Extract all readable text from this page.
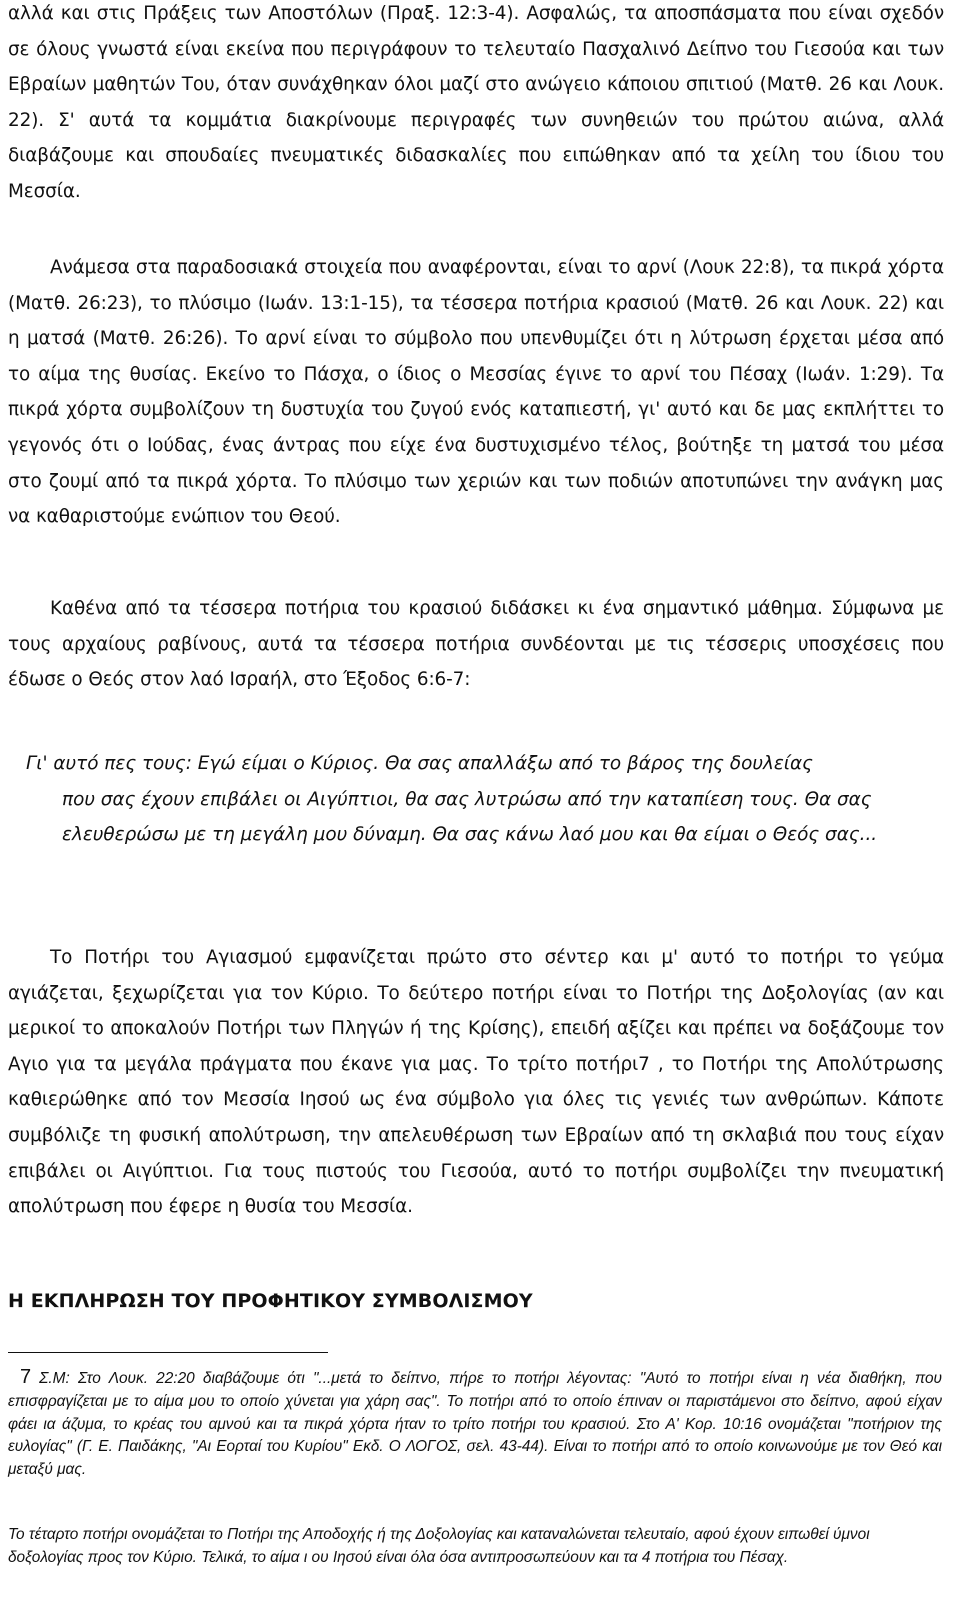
αλλά και στις Πράξεις των Αποστόλων (Πραξ. 12:3-4). Ασφαλώς, τα αποσπάσματα που είναι σχεδόν σε όλους γνωστά είναι εκείνα που περιγράφουν το τελευταίο Πασχαλινό Δείπνο του Γιεσούα και των Εβραίων μαθητών Του, όταν συνάχθηκαν όλοι μαζί στο ανώγειο κάποιου σπιτιού (Ματθ. 26 και Λουκ. 22). Σ' αυτά τα κομμάτια διακρίνουμε περιγραφές των συνηθειών του πρώτου αιώνα, αλλά διαβάζουμε και σπουδαίες πνευματικές διδασκαλίες που ειπώθηκαν από τα χείλη του ίδιου του Μεσσία.

Ανάμεσα στα παραδοσιακά στοιχεία που αναφέρονται, είναι το αρνί (Λουκ 22:8), τα πικρά χόρτα (Ματθ. 26:23), το πλύσιμο (Ιωάν. 13:1-15), τα τέσσερα ποτήρια κρασιού (Ματθ. 26 και Λουκ. 22) και η ματσά (Ματθ. 26:26). Το αρνί είναι το σύμβολο που υπενθυμίζει ότι η λύτρωση έρχεται μέσα από το αίμα της θυσίας. Εκείνο το Πάσχα, ο ίδιος ο Μεσσίας έγινε το αρνί του Πέσαχ (Ιωάν. 1:29). Τα πικρά χόρτα συμβολίζουν τη δυστυχία του ζυγού ενός καταπιεστή, γι' αυτό και δε μας εκπλήττει το γεγονός ότι ο Ιούδας, ένας άντρας που είχε ένα δυστυχισμένο τέλος, βούτηξε τη ματσά του μέσα στο ζουμί από τα πικρά χόρτα. Το πλύσιμο των χεριών και των ποδιών αποτυπώνει την ανάγκη μας να καθαριστούμε ενώπιον του Θεού.

Καθένα από τα τέσσερα ποτήρια του κρασιού διδάσκει κι ένα σημαντικό μάθημα. Σύμφωνα με τους αρχαίους ραβίνους, αυτά τα τέσσερα ποτήρια συνδέονται με τις τέσσερις υποσχέσεις που έδωσε ο Θεός στον λαό Ισραήλ, στο Έξοδος 6:6-7:

Γι' αυτό πες τους: Εγώ είμαι ο Κύριος. Θα σας απαλλάξω από το βάρος της δουλείας
που σας έχουν επιβάλει οι Αιγύπτιοι, θα σας λυτρώσω από την καταπίεση τους. Θα σας ελευθερώσω με τη μεγάλη μου δύναμη. Θα σας κάνω λαό μου και θα είμαι ο Θεός σας...

Το Ποτήρι του Αγιασμού εμφανίζεται πρώτο στο σέντερ και μ' αυτό το ποτήρι το γεύμα αγιάζεται, ξεχωρίζεται για τον Κύριο. Το δεύτερο ποτήρι είναι το Ποτήρι της Δοξολογίας (αν και μερικοί το αποκαλούν Ποτήρι των Πληγών ή της Κρίσης), επειδή αξίζει και πρέπει να δοξάζουμε τον Αγιο για τα μεγάλα πράγματα που έκανε για μας. Το τρίτο ποτήρι7 , το Ποτήρι της Απολύτρωσης καθιερώθηκε από τον Μεσσία Ιησού ως ένα σύμβολο για όλες τις γενιές των ανθρώπων. Κάποτε συμβόλιζε τη φυσική απολύτρωση, την απελευθέρωση των Εβραίων από τη σκλαβιά που τους είχαν επιβάλει οι Αιγύπτιοι. Για τους πιστούς του Γιεσούα, αυτό το ποτήρι συμβολίζει την πνευματική απολύτρωση που έφερε η θυσία του Μεσσία.

Η ΕΚΠΛΗΡΩΣΗ ΤΟΥ ΠΡΟΦΗΤΙΚΟΥ ΣΥΜΒΟΛΙΣΜΟΥ
7 Σ.Μ: Στο Λουκ. 22:20 διαβάζουμε ότι "...μετά το δείπνο, πήρε το ποτήρι λέγοντας: "Αυτό το ποτήρι είναι η νέα διαθήκη, που επισφραγίζεται με το αίμα μου το οποίο χύνεται για χάρη σας". Το ποτήρι από το οποίο έπιναν οι παριστάμενοι στο δείπνο, αφού είχαν φάει ια άζυμα, το κρέας του αμνού και τα πικρά χόρτα ήταν το τρίτο ποτήρι του κρασιού. Στο Α' Κορ. 10:16 ονομάζεται "ποτήριον της ευλογίας" (Γ. Ε. Παιδάκης, "Αι Εορταί του Κυρίου" Εκδ. Ο ΛΟΓΟΣ, σελ. 43-44). Είναι το ποτήρι από το οποίο κοινωνούμε με τον Θεό και μεταξύ μας.
Το τέταρτο ποτήρι ονομάζεται το Ποτήρι της Αποδοχής ή της Δοξολογίας και καταναλώνεται τελευταίο, αφού έχουν ειπωθεί ύμνοι δοξολογίας προς τον Κύριο. Τελικά, το αίμα ι ου Ιησού είναι όλα όσα αντιπροσωπεύουν και τα 4 ποτήρια του Πέσαχ.
